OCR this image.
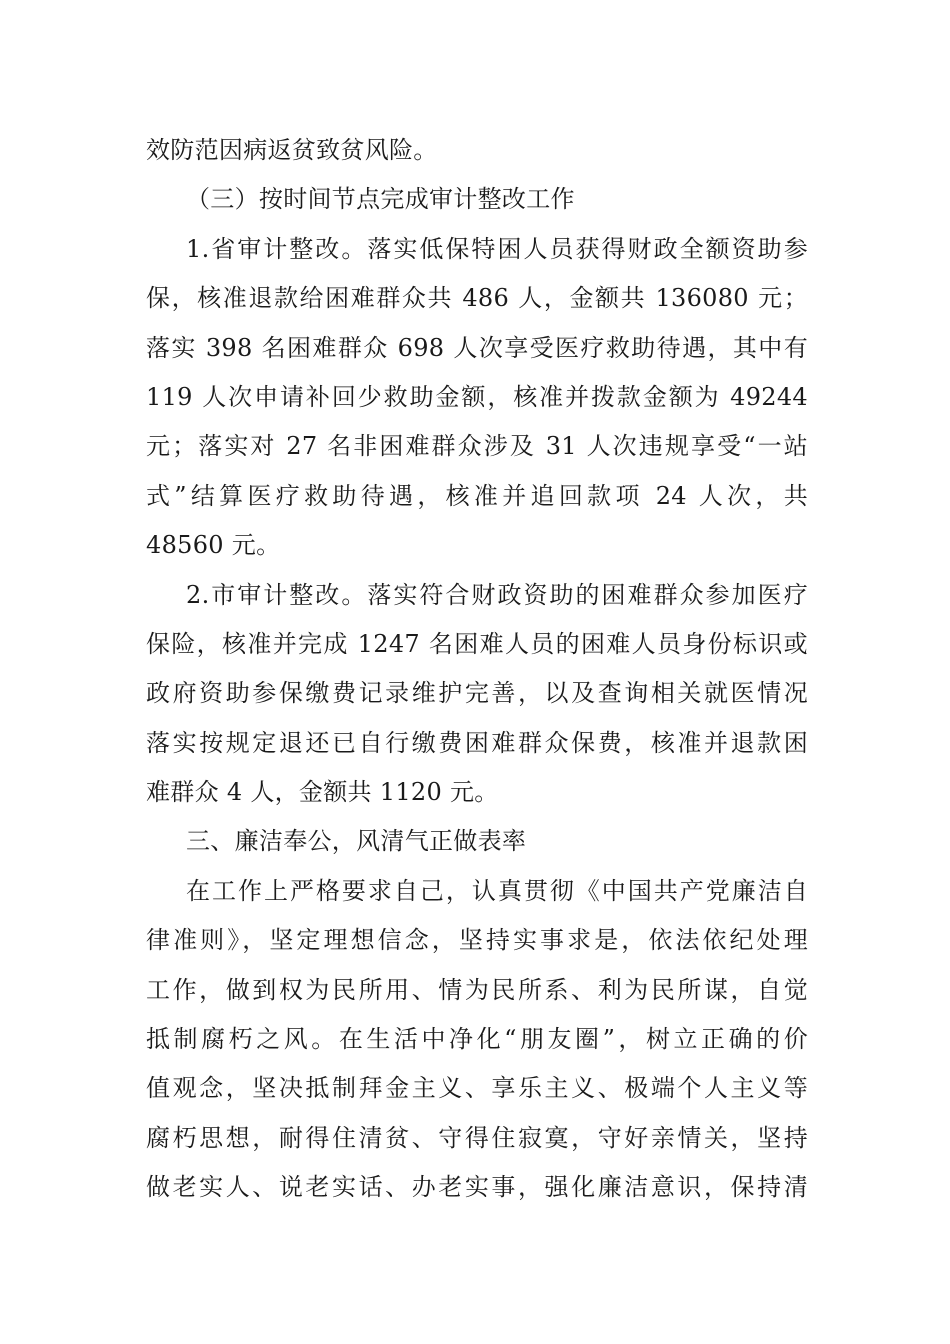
效防范因病返贫致贫风险。
（三）按时间节点完成审计整改工作
1.省审计整改。落实低保特困人员获得财政全额资助参
保，核准退款给困难群众共 486 人，金额共 136080 元；
落实 398 名困难群众 698 人次享受医疗救助待遇，其中有
119 人次申请补回少救助金额，核准并拨款金额为 49244
元；落实对 27 名非困难群众涉及 31 人次违规享受“一站
式”结算医疗救助待遇，核准并追回款项 24 人次，共
48560 元。
2.市审计整改。落实符合财政资助的困难群众参加医疗
保险，核准并完成 1247 名困难人员的困难人员身份标识或
政府资助参保缴费记录维护完善，以及查询相关就医情况
落实按规定退还已自行缴费困难群众保费，核准并退款困
难群众 4 人，金额共 1120 元。
三、廉洁奉公，风清气正做表率
在工作上严格要求自己，认真贯彻《中国共产党廉洁自
律准则》，坚定理想信念，坚持实事求是，依法依纪处理
工作，做到权为民所用、情为民所系、利为民所谋，自觉
抵制腐朽之风。在生活中净化“朋友圈”，树立正确的价
值观念，坚决抵制拜金主义、享乐主义、极端个人主义等
腐朽思想，耐得住清贫、守得住寂寞，守好亲情关，坚持
做老实人、说老实话、办老实事，强化廉洁意识，保持清
